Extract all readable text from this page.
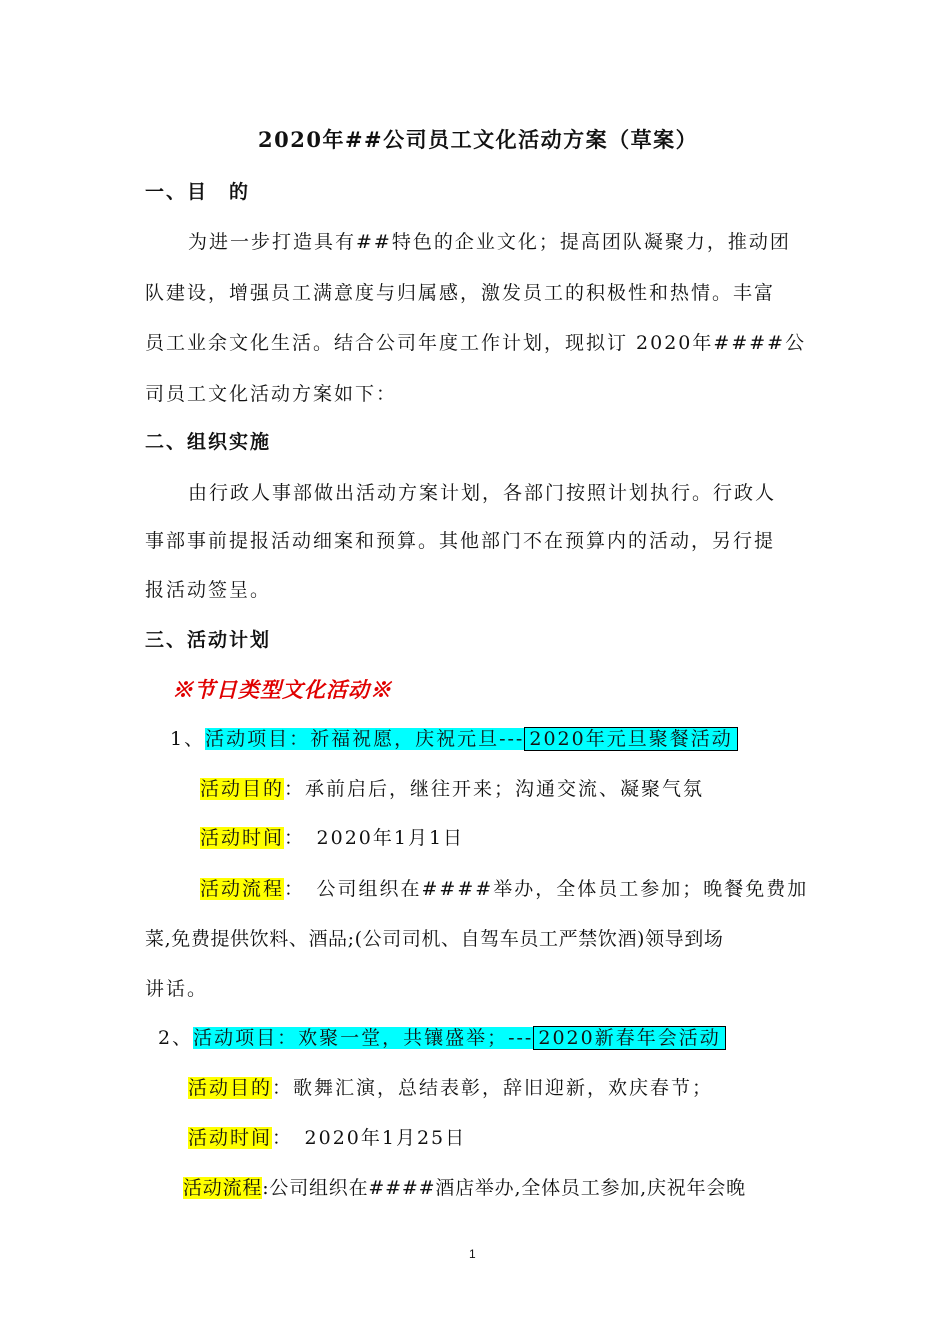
2020年##公司员工文化活动方案（草案）
一、目　的
为进一步打造具有##特色的企业文化；提高团队凝聚力，推动团
队建设，增强员工满意度与归属感，激发员工的积极性和热情。丰富
员工业余文化生活。结合公司年度工作计划，现拟订 2020年####公
司员工文化活动方案如下：
二、组织实施
由行政人事部做出活动方案计划，各部门按照计划执行。行政人
事部事前提报活动细案和预算。其他部门不在预算内的活动，另行提
报活动签呈。
三、活动计划
※节日类型文化活动※
1、活动项目：祈福祝愿，庆祝元旦--- 2020年元旦聚餐活动
活动目的：承前启后，继往开来；沟通交流、凝聚气氛
活动时间：　2020年1月1日
活动流程：　公司组织在####举办，全体员工参加；晚餐免费加
菜,免费提供饮料、酒品;(公司司机、自驾车员工严禁饮酒)领导到场
讲话。
2、活动项目：欢聚一堂，共镶盛举；--- 2020新春年会活动
活动目的：歌舞汇演，总结表彰，辞旧迎新，欢庆春节；
活动时间：　2020年1月25日
活动流程:公司组织在####酒店举办,全体员工参加,庆祝年会晚
1
